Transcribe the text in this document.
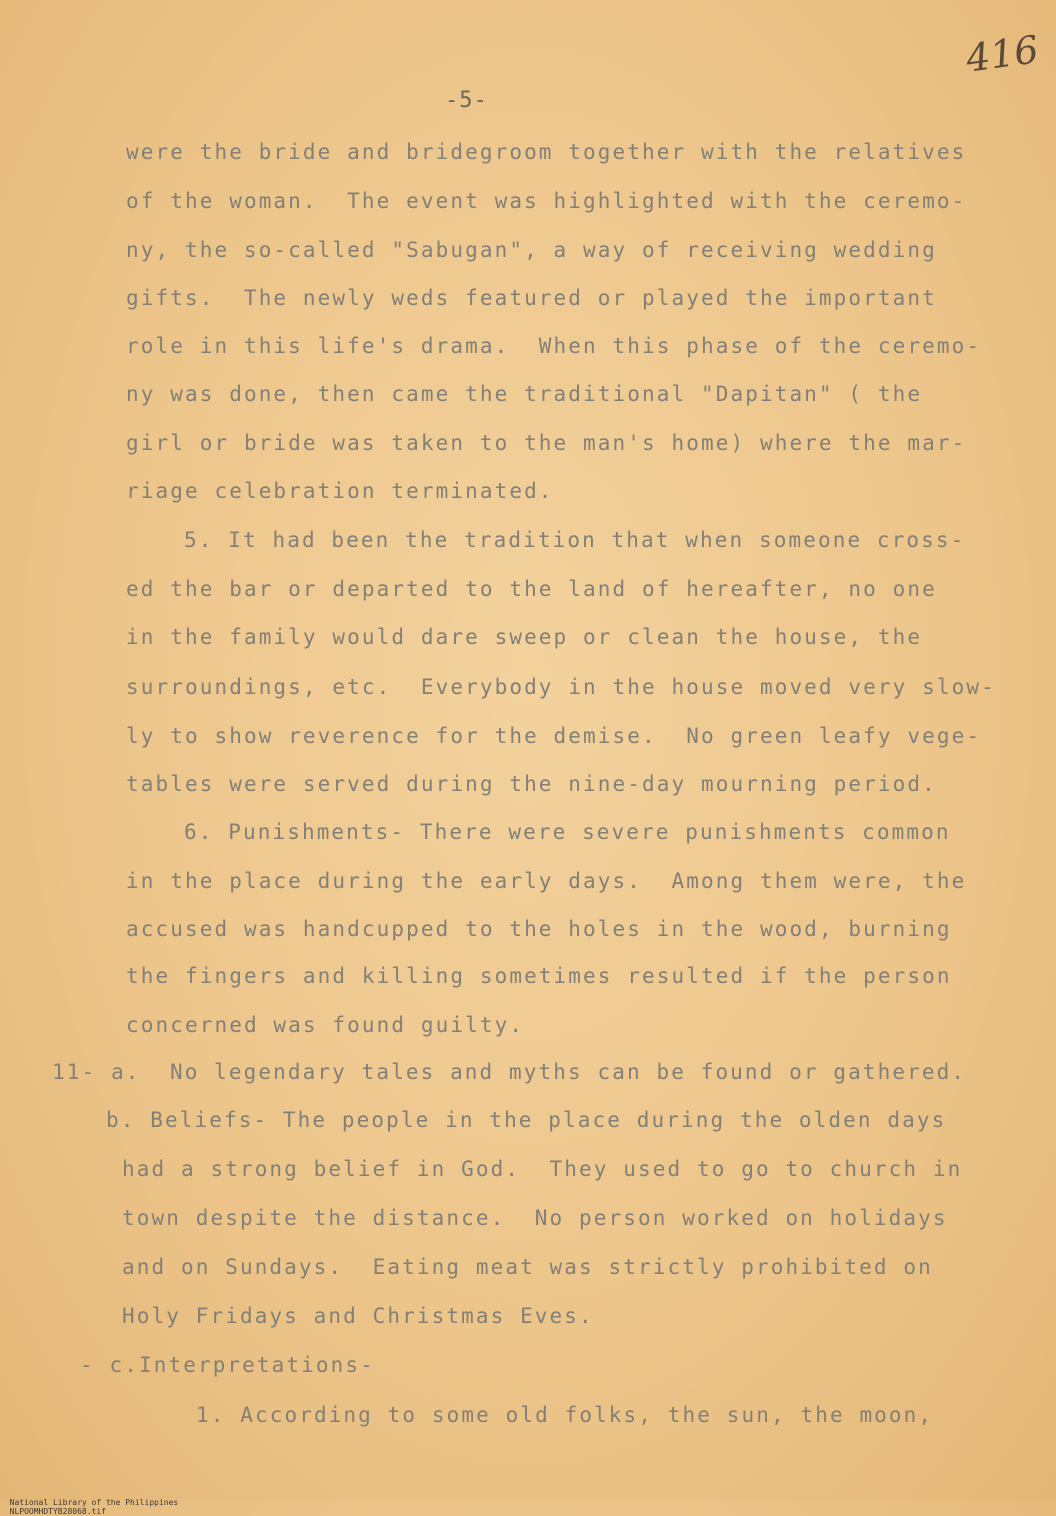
416
-5-
were the bride and bridegroom together with the relatives
of the woman.  The event was highlighted with the ceremo-
ny, the so-called "Sabugan", a way of receiving wedding
gifts.  The newly weds featured or played the important
role in this life's drama.  When this phase of the ceremo-
ny was done, then came the traditional "Dapitan" ( the
girl or bride was taken to the man's home) where the mar-
riage celebration terminated.
5. It had been the tradition that when someone cross-
ed the bar or departed to the land of hereafter, no one
in the family would dare sweep or clean the house, the
surroundings, etc.  Everybody in the house moved very slow-
ly to show reverence for the demise.  No green leafy vege-
tables were served during the nine-day mourning period.
6. Punishments- There were severe punishments common
in the place during the early days.  Among them were, the
accused was handcupped to the holes in the wood, burning
the fingers and killing sometimes resulted if the person
concerned was found guilty.
11- a.  No legendary tales and myths can be found or gathered.
b. Beliefs- The people in the place during the olden days
had a strong belief in God.  They used to go to church in
town despite the distance.  No person worked on holidays
and on Sundays.  Eating meat was strictly prohibited on
Holy Fridays and Christmas Eves.
- c.Interpretations-
1. According to some old folks, the sun, the moon,

National Library of the Philippines
NLPOOMHDTYB28068.tif
